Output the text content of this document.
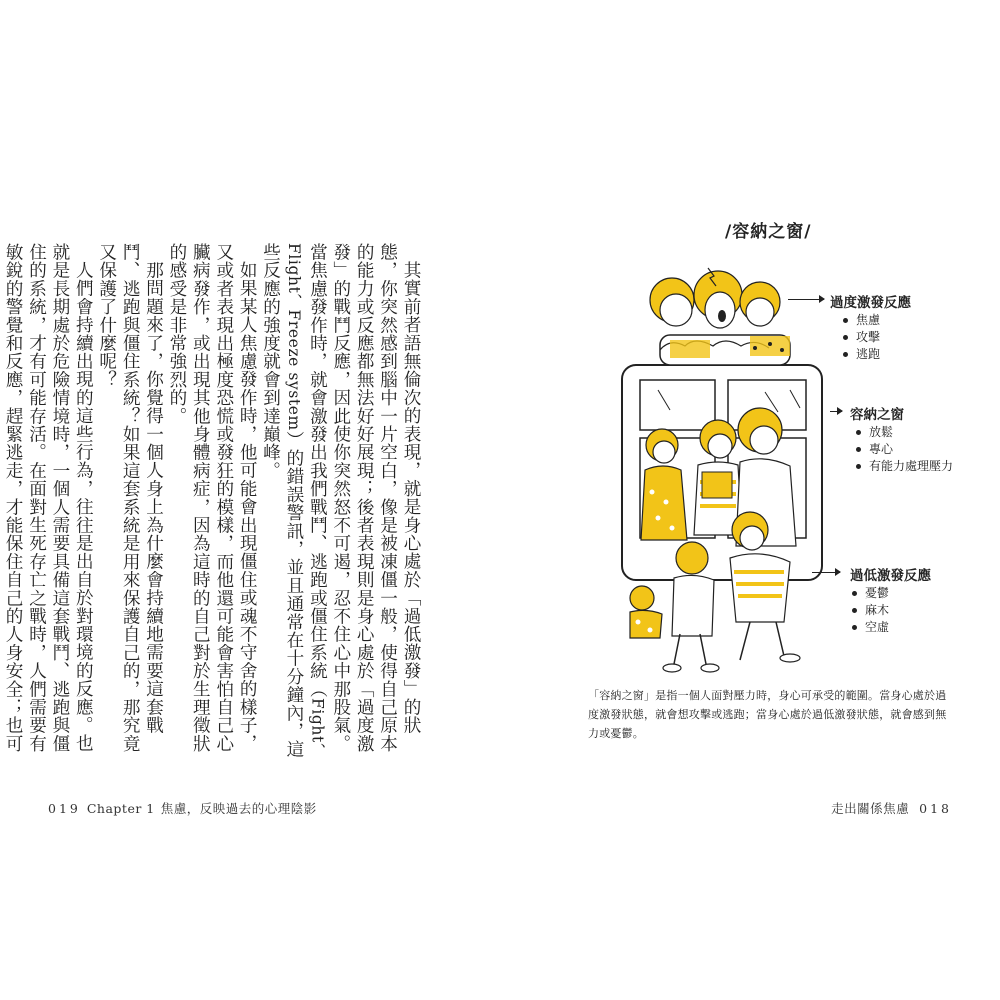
其實前者語無倫次的表現，就是身心處於「過低激發」的狀態，你突然感到腦中一片空白，像是被凍僵一般，使得自己原本的能力或反應都無法好好展現；後者表現則是身心處於「過度激發」的戰鬥反應，因此使你突然怒不可遏，忍不住心中那股氣。當焦慮發作時，就會激發出我們戰鬥、逃跑或僵住系統（Fight、Flight、Freeze system）的錯誤警訊，並且通常在十分鐘內，這些反應的強度就會到達巔峰。

如果某人焦慮發作時，他可能會出現僵住或魂不守舍的樣子，又或者表現出極度恐慌或發狂的模樣，而他還可能會害怕自己心臟病發作，或出現其他身體病症，因為這時的自己對於生理徵狀的感受是非常強烈的。

那問題來了，你覺得一個人身上為什麼會持續地需要這套戰鬥、逃跑與僵住系統？如果這套系統是用來保護自己的，那究竟又保護了什麼呢？

人們會持續出現的這些行為，往往是出自於對環境的反應。也就是長期處於危險情境時，一個人需要具備這套戰鬥、逃跑與僵住的系統，才有可能存活。在面對生死存亡之戰時，人們需要有敏銳的警覺和反應，趕緊逃走，才能保住自己的人身安全；也可

019 Chapter 1 焦慮，反映過去的心理陰影	走出關係焦慮 018
/容納之窗/
過度激發反應
焦慮
攻擊
逃跑
容納之窗
放鬆
專心
有能力處理壓力
過低激發反應
憂鬱
麻木
空虛
「容納之窗」是指一個人面對壓力時，身心可承受的範圍。當身心處於過度激發狀態，就會想攻擊或逃跑；當身心處於過低激發狀態，就會感到無力或憂鬱。
